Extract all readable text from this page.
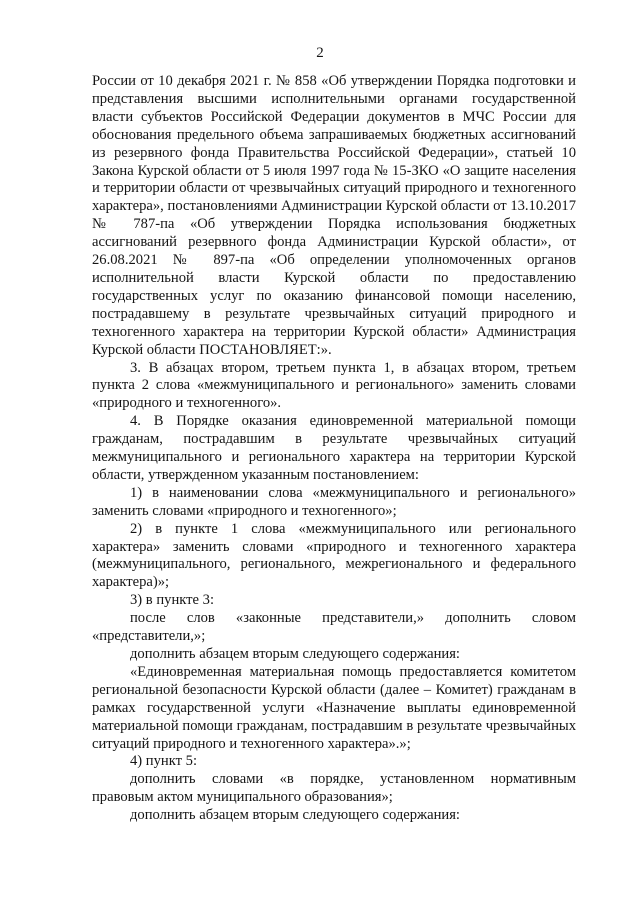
2

России от 10 декабря 2021 г. № 858 «Об утверждении Порядка подготовки и представления высшими исполнительными органами государственной власти субъектов Российской Федерации документов в МЧС России для обоснования предельного объема запрашиваемых бюджетных ассигнований из резервного фонда Правительства Российской Федерации», статьей 10 Закона Курской области от 5 июля 1997 года № 15-ЗКО «О защите населения и территории области от чрезвычайных ситуаций природного и техногенного характера», постановлениями Администрации Курской области от 13.10.2017 № 787-па «Об утверждении Порядка использования бюджетных ассигнований резервного фонда Администрации Курской области», от 26.08.2021 № 897-па «Об определении уполномоченных органов исполнительной власти Курской области по предоставлению государственных услуг по оказанию финансовой помощи населению, пострадавшему в результате чрезвычайных ситуаций природного и техногенного характера на территории Курской области» Администрация Курской области ПОСТАНОВЛЯЕТ:».

3. В абзацах втором, третьем пункта 1, в абзацах втором, третьем пункта 2 слова «межмуниципального и регионального» заменить словами «природного и техногенного».

4. В Порядке оказания единовременной материальной помощи гражданам, пострадавшим в результате чрезвычайных ситуаций межмуниципального и регионального характера на территории Курской области, утвержденном указанным постановлением:

1) в наименовании слова «межмуниципального и регионального» заменить словами «природного и техногенного»;

2) в пункте 1 слова «межмуниципального или регионального характера» заменить словами «природного и техногенного характера (межмуниципального, регионального, межрегионального и федерального характера)»;

3) в пункте 3:

после слов «законные представители,» дополнить словом «представители,»;

дополнить абзацем вторым следующего содержания:

«Единовременная материальная помощь предоставляется комитетом региональной безопасности Курской области (далее – Комитет) гражданам в рамках государственной услуги «Назначение выплаты единовременной материальной помощи гражданам, пострадавшим в результате чрезвычайных ситуаций природного и техногенного характера».»;

4) пункт 5:

дополнить словами «в порядке, установленном нормативным правовым актом муниципального образования»;

дополнить абзацем вторым следующего содержания:
